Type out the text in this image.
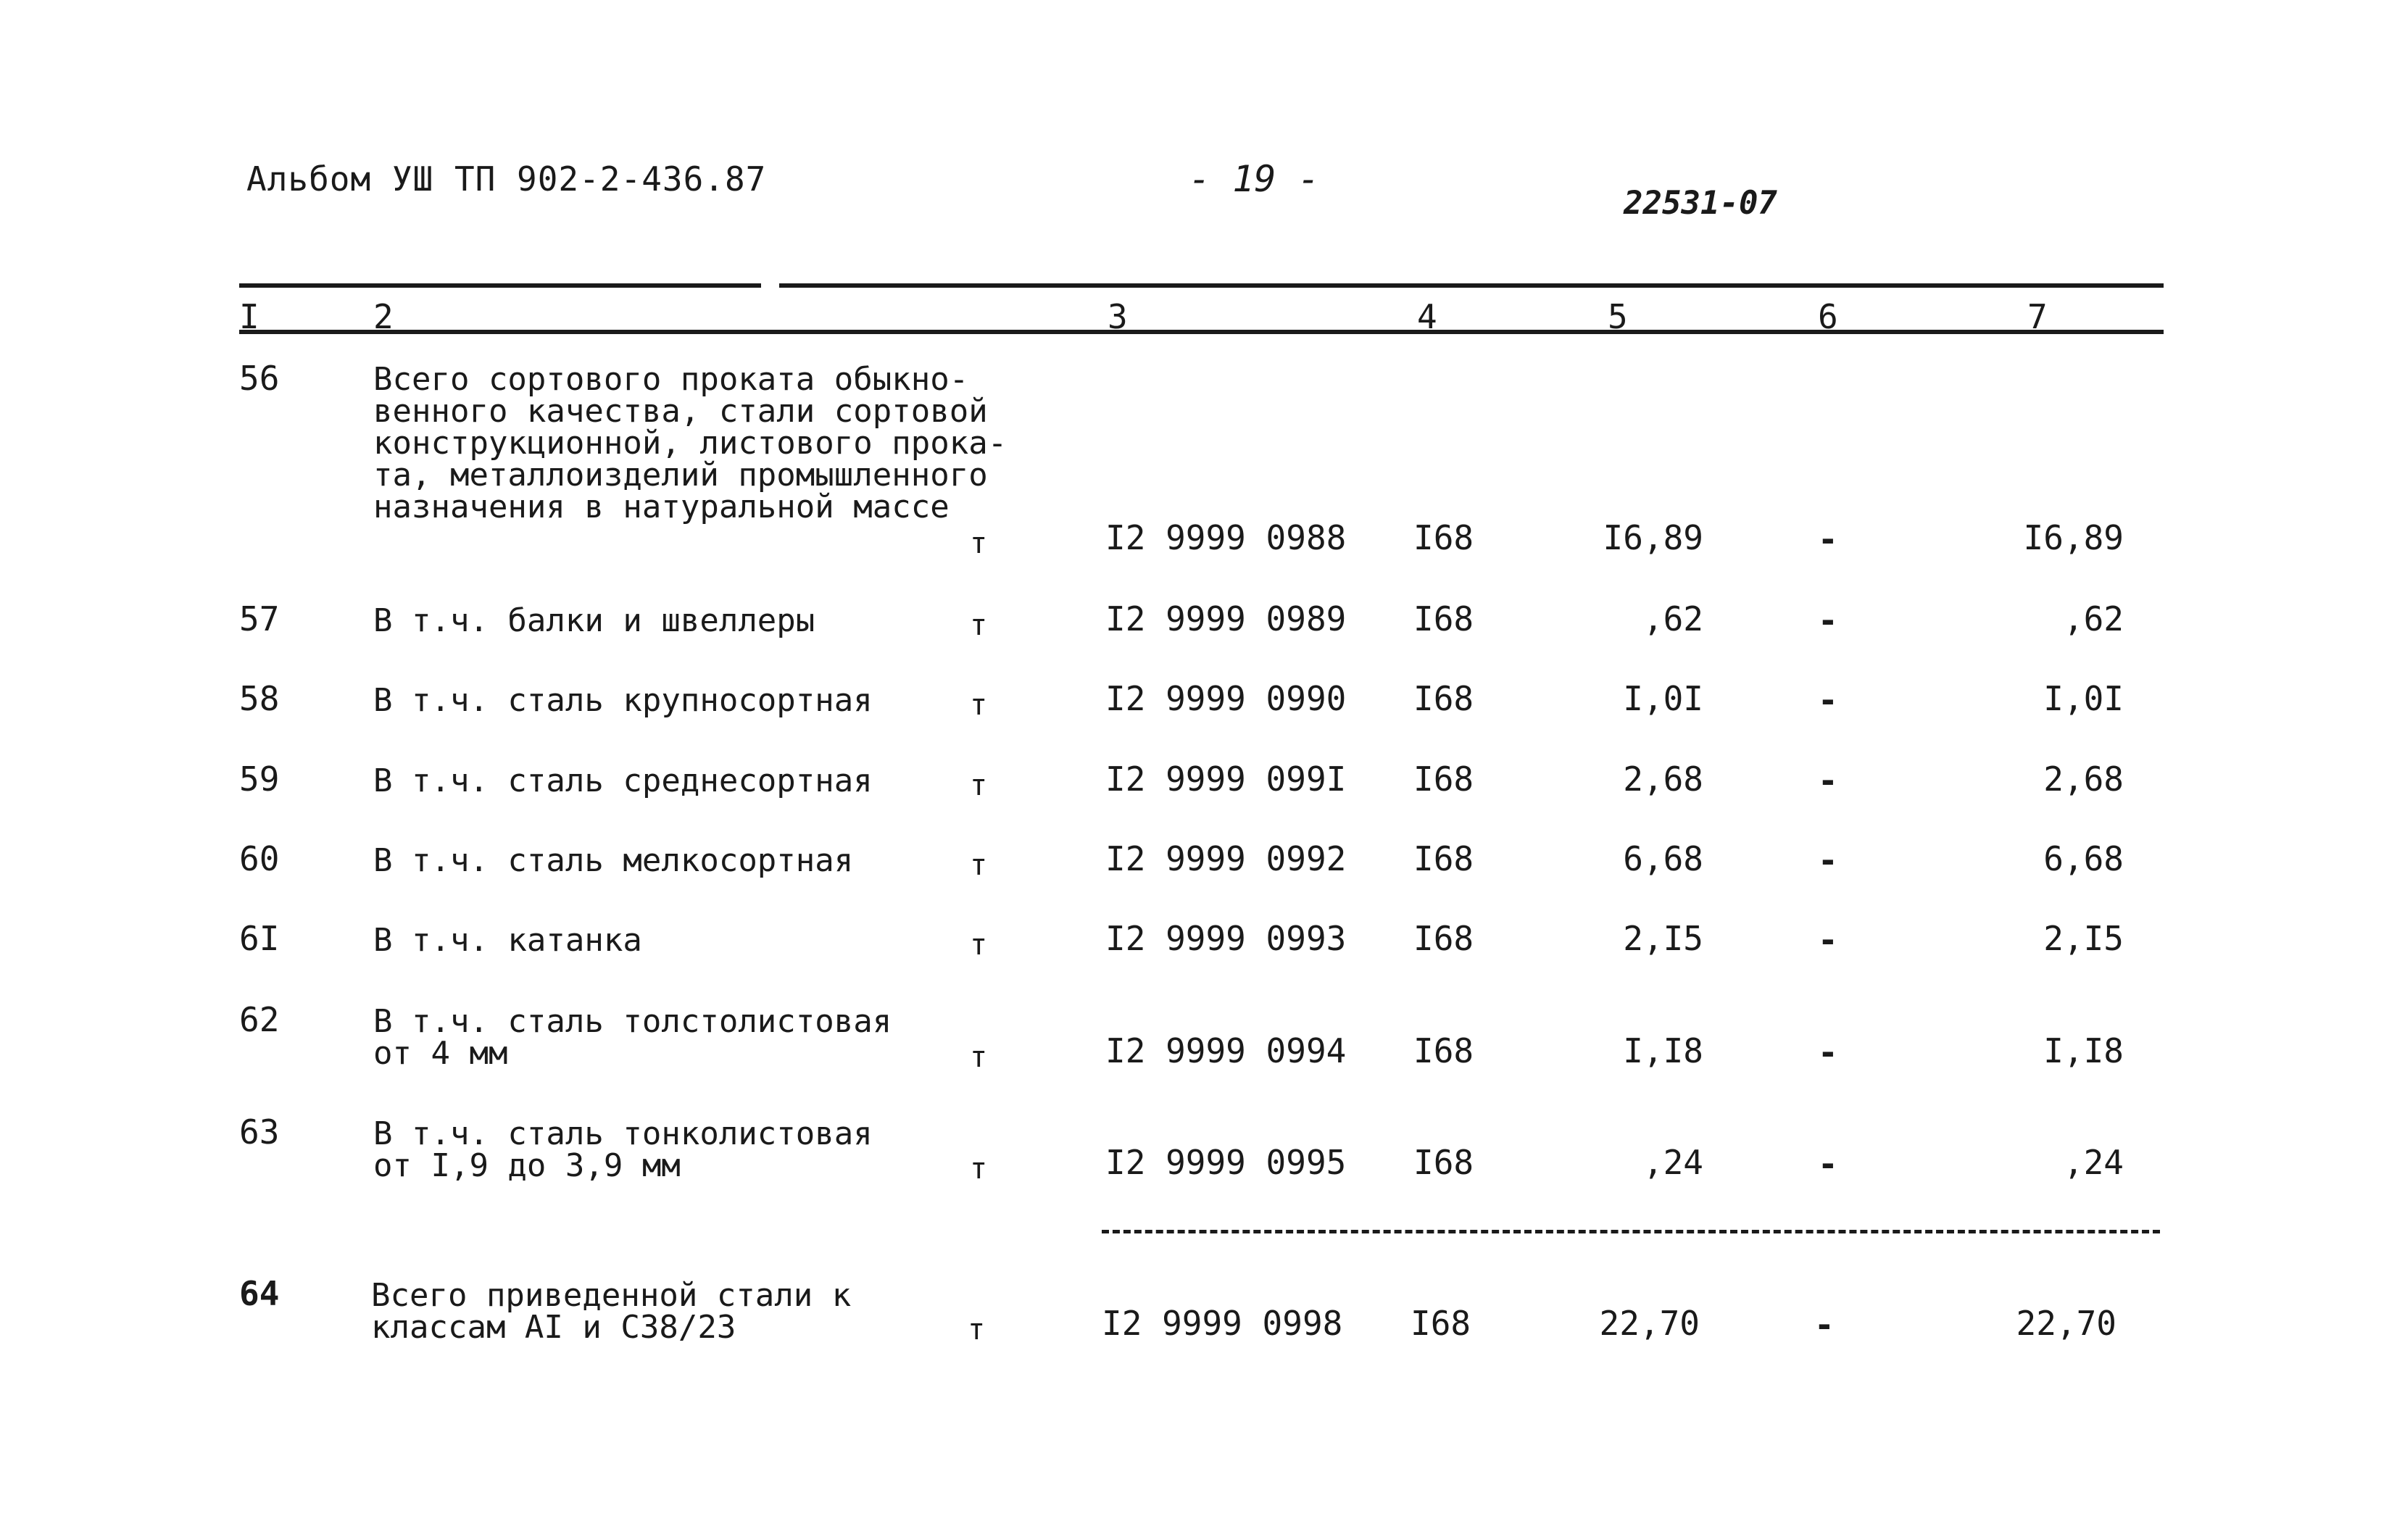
Альбом УШ ТП 902-2-436.87	- 19 -
22531-07
I	2	3	4	5	6	7
56	Всего сортового проката обыкно-
венного качества, стали сортовой
конструкционной, листового прока-
та, металлоизделий промышленного
назначения в натуральной массе
т	I2 9999 0988 I68	I6,89	-	I6,89
57	В т.ч. балки и швеллеры	т	I2 9999 0989 I68	,62	-	,62
58	В т.ч. сталь крупносортная	т	I2 9999 0990 I68	I,0I	-	I,0I
59	В т.ч. сталь среднесортная	т	I2 9999 099I I68	2,68	-	2,68
60	В т.ч. сталь мелкосортная	т	I2 9999 0992 I68	6,68	-	6,68
6I	В т.ч. катанка	т	I2 9999 0993 I68	2,I5	-	2,I5
62	В т.ч. сталь толстолистовая
от 4 мм	т	I2 9999 0994 I68	I,I8	-	I,I8
63	В т.ч. сталь тонколистовая
от I,9 до 3,9 мм	т	I2 9999 0995 I68	,24	-	,24
64	Всего приведенной стали к
классам AI и С38/23	т	I2 9999 0998 I68	22,70	-	22,70
